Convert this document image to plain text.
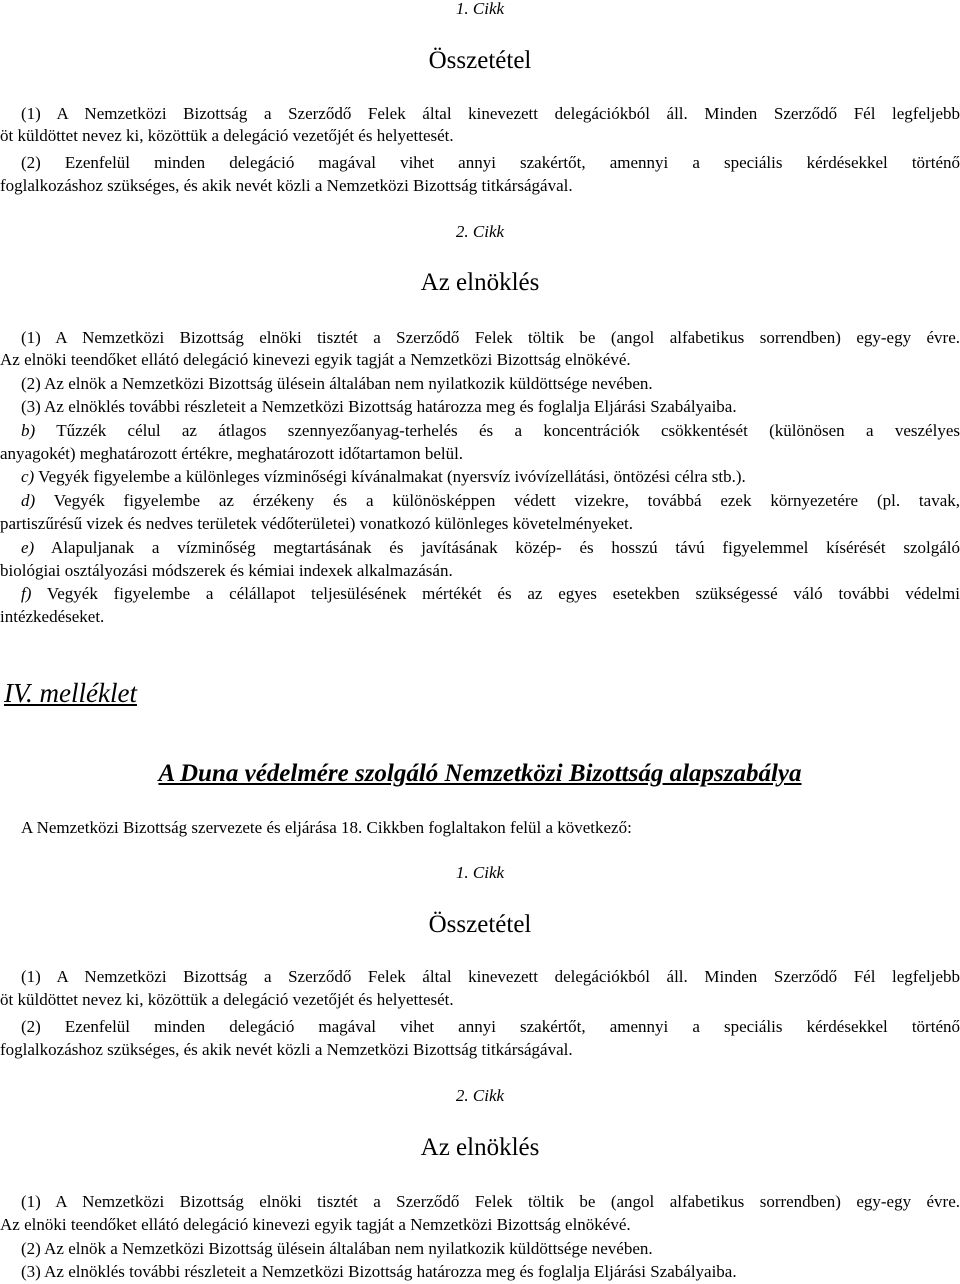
1. Cikk
Összetétel
(1) A Nemzetközi Bizottság a Szerződő Felek által kinevezett delegációkból áll. Minden Szerződő Fél legfeljebb
öt küldöttet nevez ki, közöttük a delegáció vezetőjét és helyettesét.
(2) Ezenfelül minden delegáció magával vihet annyi szakértőt, amennyi a speciális kérdésekkel történő
foglalkozáshoz szükséges, és akik nevét közli a Nemzetközi Bizottság titkárságával.
2. Cikk
Az elnöklés
(1) A Nemzetközi Bizottság elnöki tisztét a Szerződő Felek töltik be (angol alfabetikus sorrendben) egy-egy évre.
Az elnöki teendőket ellátó delegáció kinevezi egyik tagját a Nemzetközi Bizottság elnökévé.
(2) Az elnök a Nemzetközi Bizottság ülésein általában nem nyilatkozik küldöttsége nevében.
(3) Az elnöklés további részleteit a Nemzetközi Bizottság határozza meg és foglalja Eljárási Szabályaiba.
b) Tűzzék célul az átlagos szennyezőanyag-terhelés és a koncentrációk csökkentését (különösen a veszélyes
anyagokét) meghatározott értékre, meghatározott időtartamon belül.
c) Vegyék figyelembe a különleges vízminőségi kívánalmakat (nyersvíz ivóvízellátási, öntözési célra stb.).
d) Vegyék figyelembe az érzékeny és a különösképpen védett vizekre, továbbá ezek környezetére (pl. tavak,
partiszűrésű vizek és nedves területek védőterületei) vonatkozó különleges követelményeket.
e) Alapuljanak a vízminőség megtartásának és javításának közép- és hosszú távú figyelemmel kísérését szolgáló
biológiai osztályozási módszerek és kémiai indexek alkalmazásán.
f) Vegyék figyelembe a célállapot teljesülésének mértékét és az egyes esetekben szükségessé váló további védelmi
intézkedéseket.
IV. melléklet
A Duna védelmére szolgáló Nemzetközi Bizottság alapszabálya
A Nemzetközi Bizottság szervezete és eljárása 18. Cikkben foglaltakon felül a következő:
1. Cikk
Összetétel
(1) A Nemzetközi Bizottság a Szerződő Felek által kinevezett delegációkból áll. Minden Szerződő Fél legfeljebb
öt küldöttet nevez ki, közöttük a delegáció vezetőjét és helyettesét.
(2) Ezenfelül minden delegáció magával vihet annyi szakértőt, amennyi a speciális kérdésekkel történő
foglalkozáshoz szükséges, és akik nevét közli a Nemzetközi Bizottság titkárságával.
2. Cikk
Az elnöklés
(1) A Nemzetközi Bizottság elnöki tisztét a Szerződő Felek töltik be (angol alfabetikus sorrendben) egy-egy évre.
Az elnöki teendőket ellátó delegáció kinevezi egyik tagját a Nemzetközi Bizottság elnökévé.
(2) Az elnök a Nemzetközi Bizottság ülésein általában nem nyilatkozik küldöttsége nevében.
(3) Az elnöklés további részleteit a Nemzetközi Bizottság határozza meg és foglalja Eljárási Szabályaiba.
